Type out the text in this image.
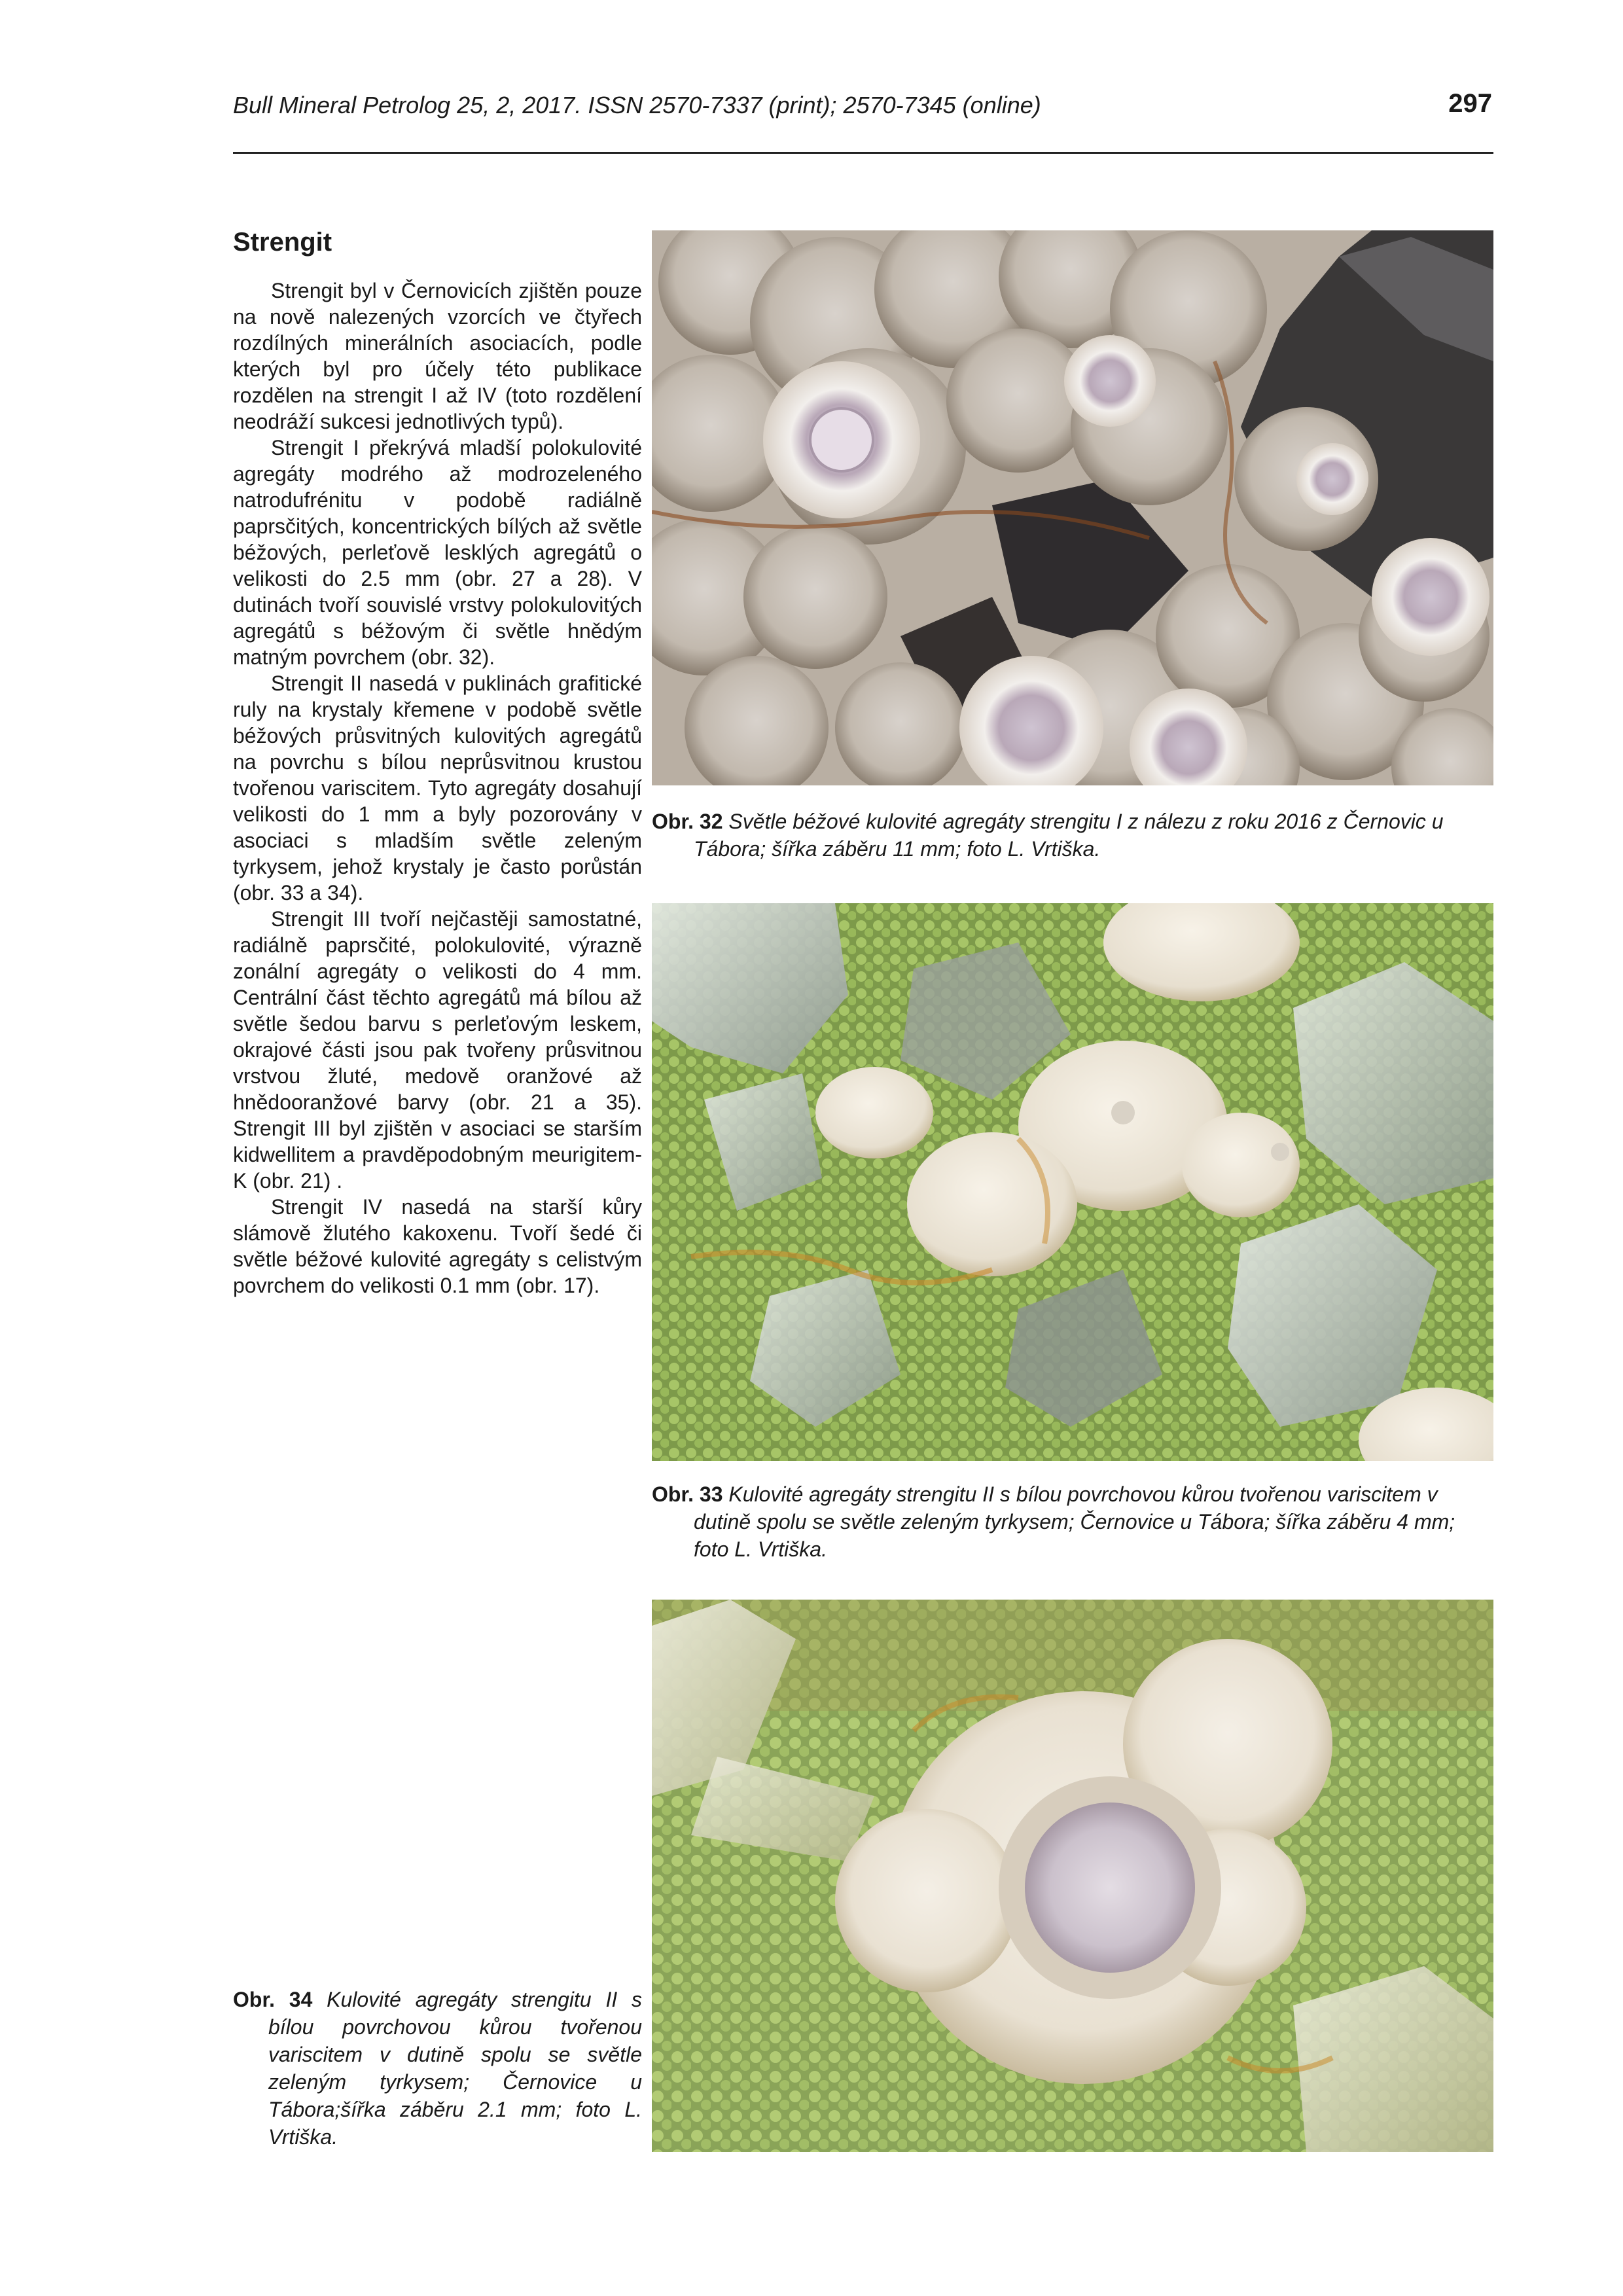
Bull Mineral Petrolog 25, 2, 2017. ISSN 2570-7337 (print); 2570-7345 (online)	297
Strengit

Strengit byl v Černovicích zjištěn pouze na nově nalezených vzorcích ve čtyřech rozdílných minerálních asociacích, podle kterých byl pro účely této publikace rozdělen na strengit I až IV (toto rozdělení neodráží sukcesi jednotlivých typů).

Strengit I překrývá mladší polokulovité agregáty modrého až modrozeleného natrodufrénitu v podobě radiálně paprsčitých, koncentrických bílých až světle béžových, perleťově lesklých agregátů o velikosti do 2.5 mm (obr. 27 a 28). V dutinách tvoří souvislé vrstvy polokulovitých agregátů s béžovým či světle hnědým matným povrchem (obr. 32).

Strengit II nasedá v puklinách grafitické ruly na krystaly křemene v podobě světle béžových průsvitných kulovitých agregátů na povrchu s bílou neprůsvitnou krustou tvořenou variscitem. Tyto agregáty dosahují velikosti do 1 mm a byly pozorovány v asociaci s mladším světle zeleným tyrkysem, jehož krystaly je často porůstán (obr. 33 a 34).

Strengit III tvoří nejčastěji samostatné, radiálně paprsčité, polokulovité, výrazně zonální agregáty o velikosti do 4 mm. Centrální část těchto agregátů má bílou až světle šedou barvu s perleťovým leskem, okrajové části jsou pak tvořeny průsvitnou vrstvou žluté, medově oranžové až hnědooranžové barvy (obr. 21 a 35). Strengit III byl zjištěn v asociaci se starším kidwellitem a pravděpodobným meurigitem-K (obr. 21) .

Strengit IV nasedá na starší kůry slámově žlutého kakoxenu. Tvoří šedé či světle béžové kulovité agregáty s celistvým povrchem do velikosti 0.1 mm (obr. 17).

Obr. 32 Světle béžové kulovité agregáty strengitu I z nálezu z roku 2016 z Černovic u Tábora; šířka záběru 11 mm; foto L. Vrtiška.
Obr. 33 Kulovité agregáty strengitu II s bílou povrchovou kůrou tvořenou variscitem v dutině spolu se světle zeleným tyrkysem; Černovice u Tábora; šířka záběru 4 mm; foto L. Vrtiška.
Obr. 34 Kulovité agregáty strengitu II s bílou povrchovou kůrou tvořenou variscitem v dutině spolu se světle zeleným tyrkysem; Černovice u Tábora;šířka záběru 2.1 mm; foto L. Vrtiška.
